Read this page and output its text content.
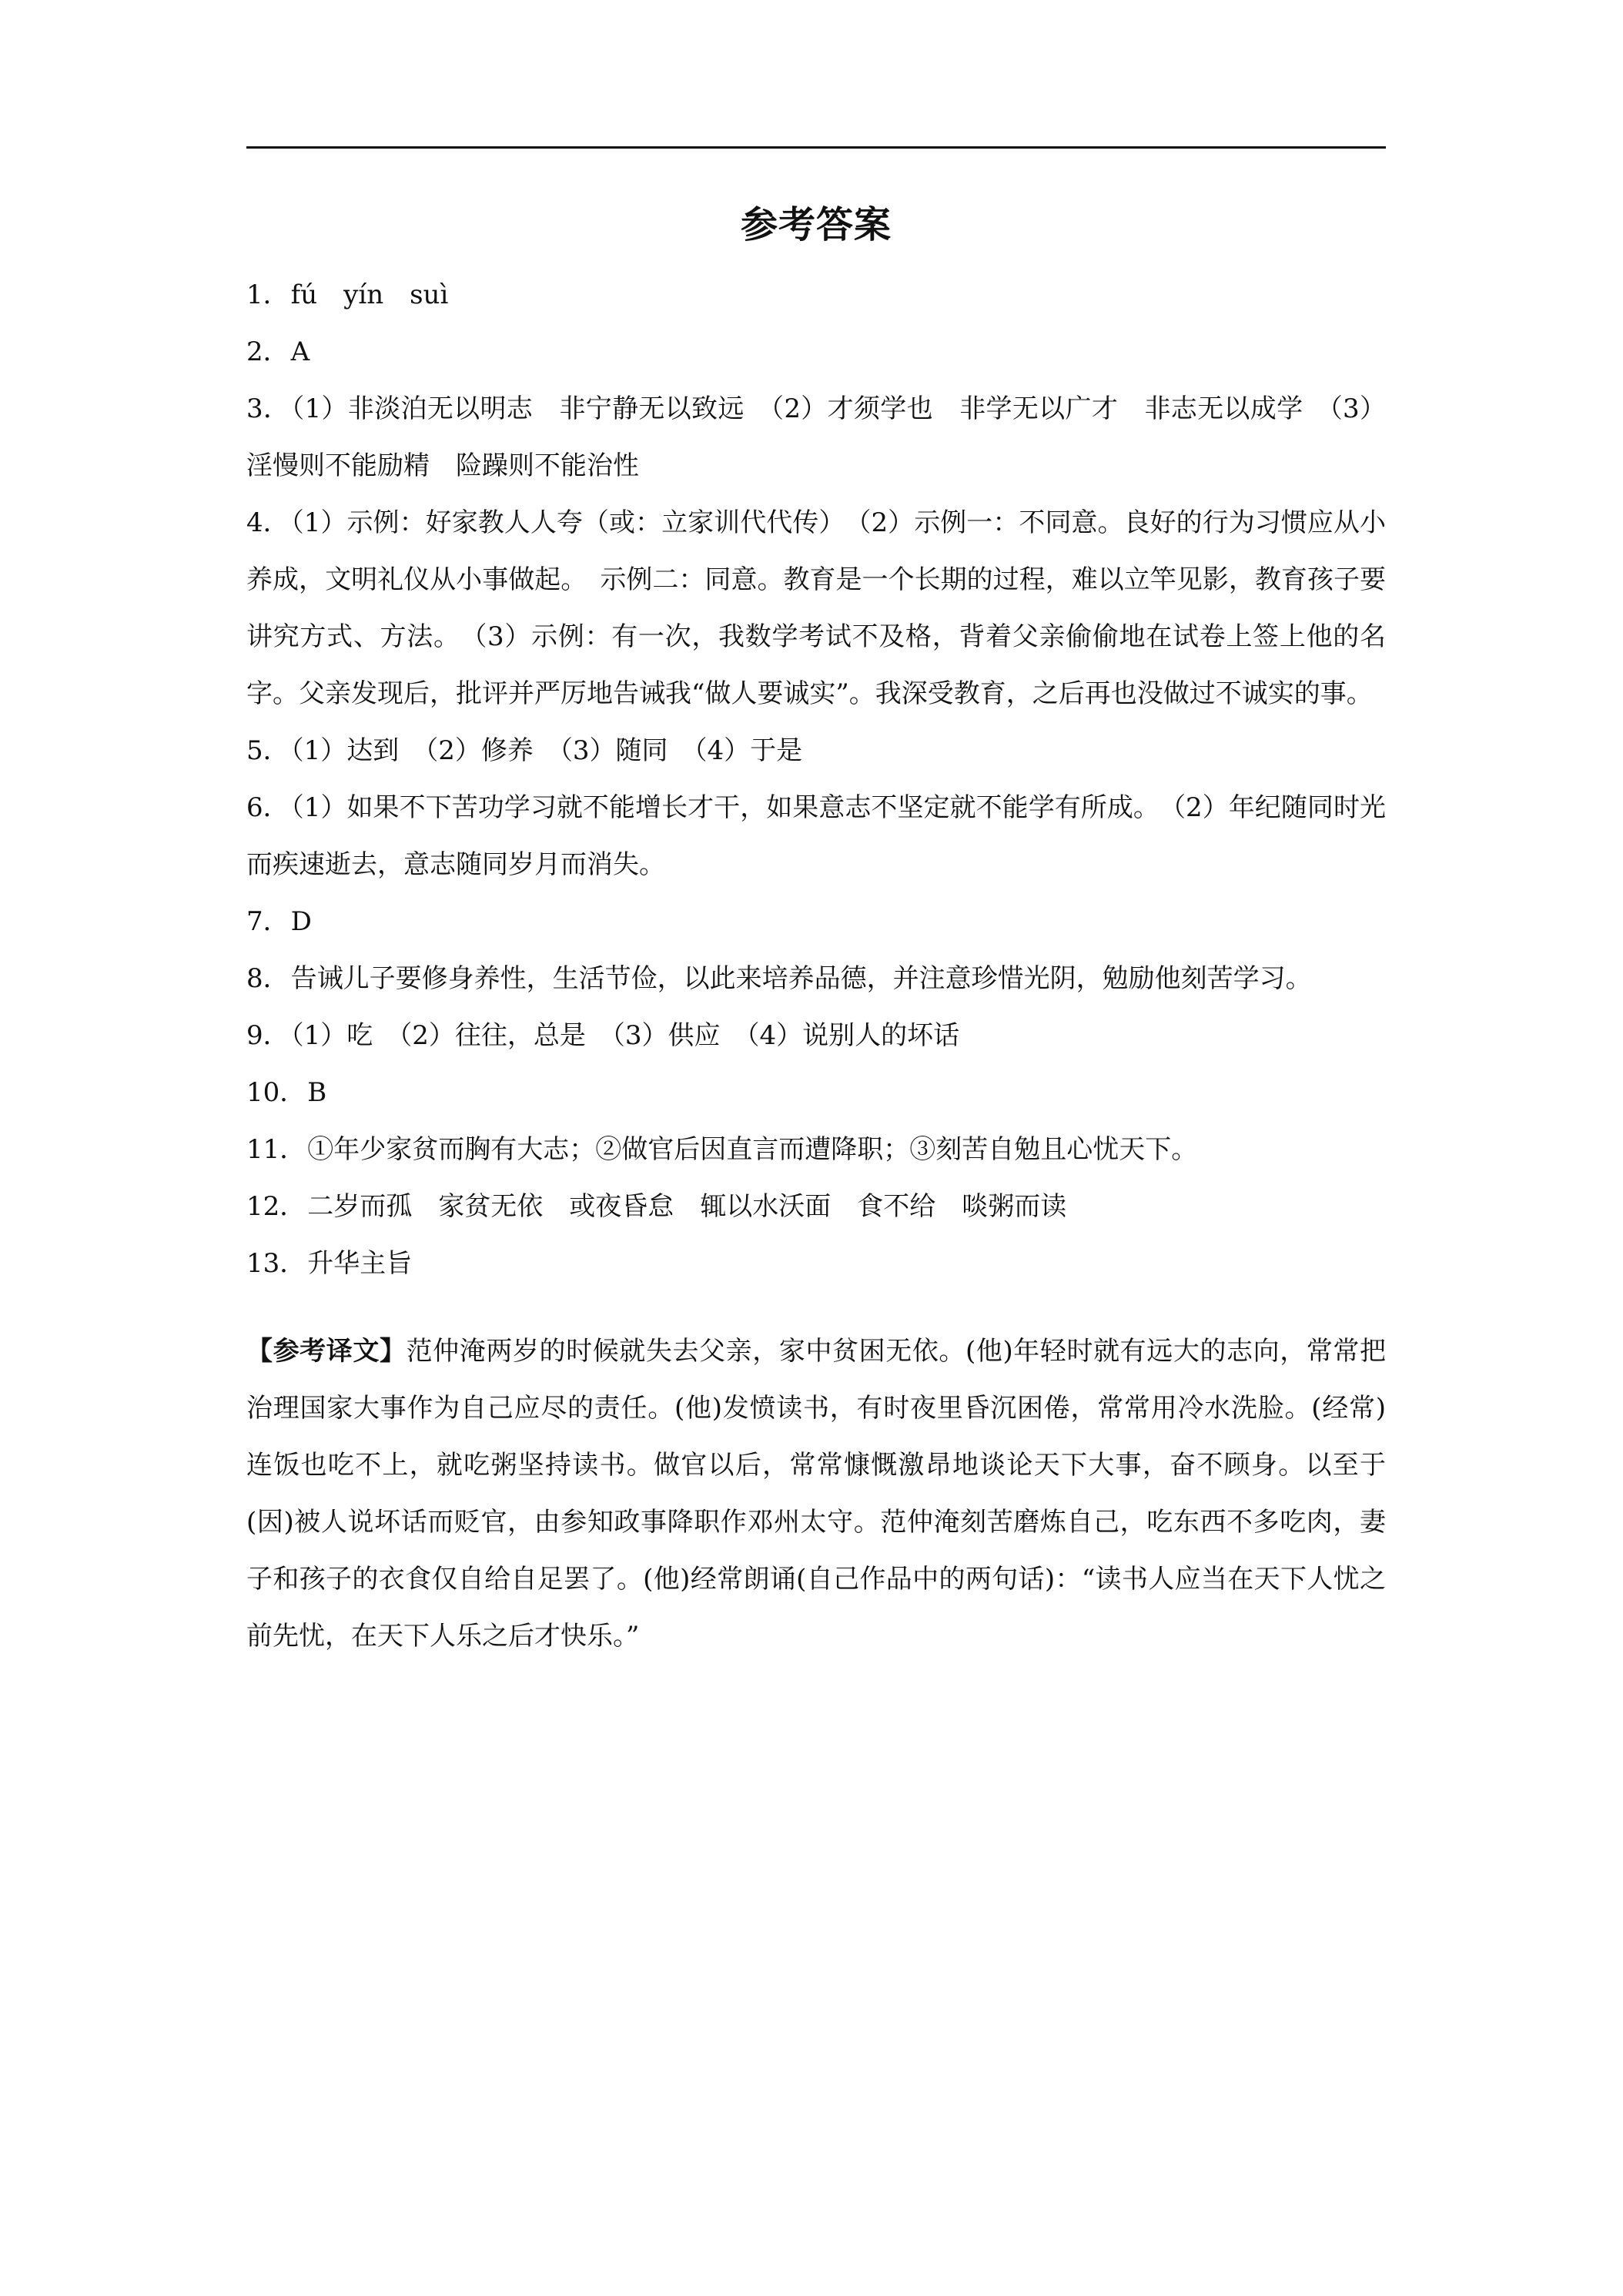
参考答案
1．fú　yín　suì
2．A
3．（1）非淡泊无以明志　非宁静无以致远　（2）才须学也　非学无以广才　非志无以成学　（3）淫慢则不能励精　险躁则不能治性
4．（1）示例：好家教人人夸（或：立家训代代传）　（2）示例一：不同意。良好的行为习惯应从小养成，文明礼仪从小事做起。　示例二：同意。教育是一个长期的过程，难以立竿见影，教育孩子要讲究方式、方法。　（3）示例：有一次，我数学考试不及格，背着父亲偷偷地在试卷上签上他的名字。父亲发现后，批评并严厉地告诫我“做人要诚实”。我深受教育，之后再也没做过不诚实的事。
5．（1）达到　（2）修养　（3）随同　（4）于是
6．（1）如果不下苦功学习就不能增长才干，如果意志不坚定就不能学有所成。　（2）年纪随同时光而疾速逝去，意志随同岁月而消失。
7．D
8．告诫儿子要修身养性，生活节俭，以此来培养品德，并注意珍惜光阴，勉励他刻苦学习。
9．（1）吃　（2）往往，总是　（3）供应　（4）说别人的坏话
10．B
11．①年少家贫而胸有大志；②做官后因直言而遭降职；③刻苦自勉且心忧天下。
12．二岁而孤　家贫无依　或夜昏怠　辄以水沃面　食不给　啖粥而读
13．升华主旨

【参考译文】范仲淹两岁的时候就失去父亲，家中贫困无依。(他)年轻时就有远大的志向，常常把治理国家大事作为自己应尽的责任。(他)发愤读书，有时夜里昏沉困倦，常常用冷水洗脸。(经常)连饭也吃不上，就吃粥坚持读书。做官以后，常常慷慨激昂地谈论天下大事，奋不顾身。以至于(因)被人说坏话而贬官，由参知政事降职作邓州太守。范仲淹刻苦磨炼自己，吃东西不多吃肉，妻子和孩子的衣食仅自给自足罢了。(他)经常朗诵(自己作品中的两句话)：“读书人应当在天下人忧之前先忧，在天下人乐之后才快乐。”
